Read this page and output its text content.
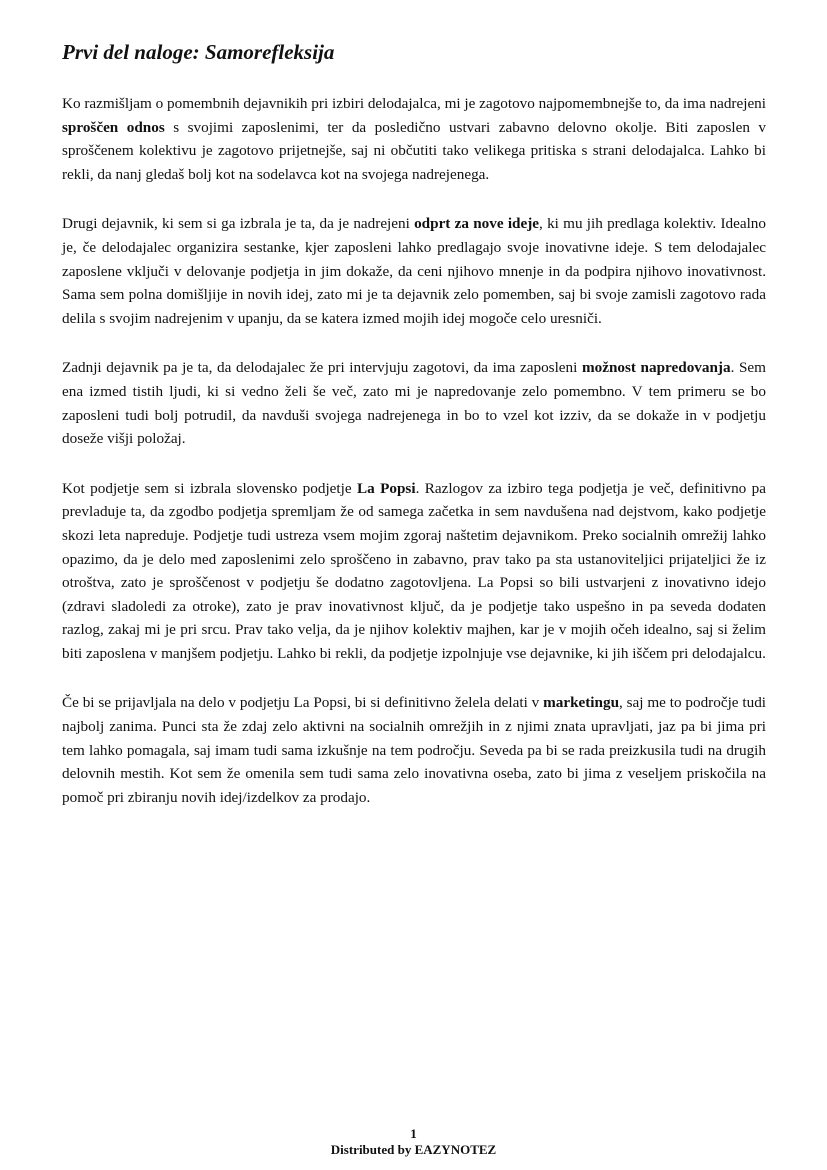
Prvi del naloge: Samorefleksija

Ko razmišljam o pomembnih dejavnikih pri izbiri delodajalca, mi je zagotovo najpomembnejše to, da ima nadrejeni sproščen odnos s svojimi zaposlenimi, ter da posledično ustvari zabavno delovno okolje. Biti zaposlen v sproščenem kolektivu je zagotovo prijetnejše, saj ni občutiti tako velikega pritiska s strani delodajalca. Lahko bi rekli, da nanj gledaš bolj kot na sodelavca kot na svojega nadrejenega.

Drugi dejavnik, ki sem si ga izbrala je ta, da je nadrejeni odprt za nove ideje, ki mu jih predlaga kolektiv. Idealno je, če delodajalec organizira sestanke, kjer zaposleni lahko predlagajo svoje inovativne ideje. S tem delodajalec zaposlene vključi v delovanje podjetja in jim dokaže, da ceni njihovo mnenje in da podpira njihovo inovativnost. Sama sem polna domišljije in novih idej, zato mi je ta dejavnik zelo pomemben, saj bi svoje zamisli zagotovo rada delila s svojim nadrejenim v upanju, da se katera izmed mojih idej mogoče celo uresniči.

Zadnji dejavnik pa je ta, da delodajalec že pri intervjuju zagotovi, da ima zaposleni možnost napredovanja. Sem ena izmed tistih ljudi, ki si vedno želi še več, zato mi je napredovanje zelo pomembno. V tem primeru se bo zaposleni tudi bolj potrudil, da navduši svojega nadrejenega in bo to vzel kot izziv, da se dokaže in v podjetju doseže višji položaj.

Kot podjetje sem si izbrala slovensko podjetje La Popsi. Razlogov za izbiro tega podjetja je več, definitivno pa prevladuje ta, da zgodbo podjetja spremljam že od samega začetka in sem navdušena nad dejstvom, kako podjetje skozi leta napreduje. Podjetje tudi ustreza vsem mojim zgoraj naštetim dejavnikom. Preko socialnih omrežij lahko opazimo, da je delo med zaposlenimi zelo sproščeno in zabavno, prav tako pa sta ustanoviteljici prijateljici že iz otroštva, zato je sproščenost v podjetju še dodatno zagotovljena. La Popsi so bili ustvarjeni z inovativno idejo (zdravi sladoledi za otroke), zato je prav inovativnost ključ, da je podjetje tako uspešno in pa seveda dodaten razlog, zakaj mi je pri srcu. Prav tako velja, da je njihov kolektiv majhen, kar je v mojih očeh idealno, saj si želim biti zaposlena v manjšem podjetju. Lahko bi rekli, da podjetje izpolnjuje vse dejavnike, ki jih iščem pri delodajalcu.

Če bi se prijavljala na delo v podjetju La Popsi, bi si definitivno želela delati v marketingu, saj me to področje tudi najbolj zanima. Punci sta že zdaj zelo aktivni na socialnih omrežjih in z njimi znata upravljati, jaz pa bi jima pri tem lahko pomagala, saj imam tudi sama izkušnje na tem področju. Seveda pa bi se rada preizkusila tudi na drugih delovnih mestih. Kot sem že omenila sem tudi sama zelo inovativna oseba, zato bi jima z veseljem priskočila na pomoč pri zbiranju novih idej/izdelkov za prodajo.

1
Distributed by EAZYNOTEZ
